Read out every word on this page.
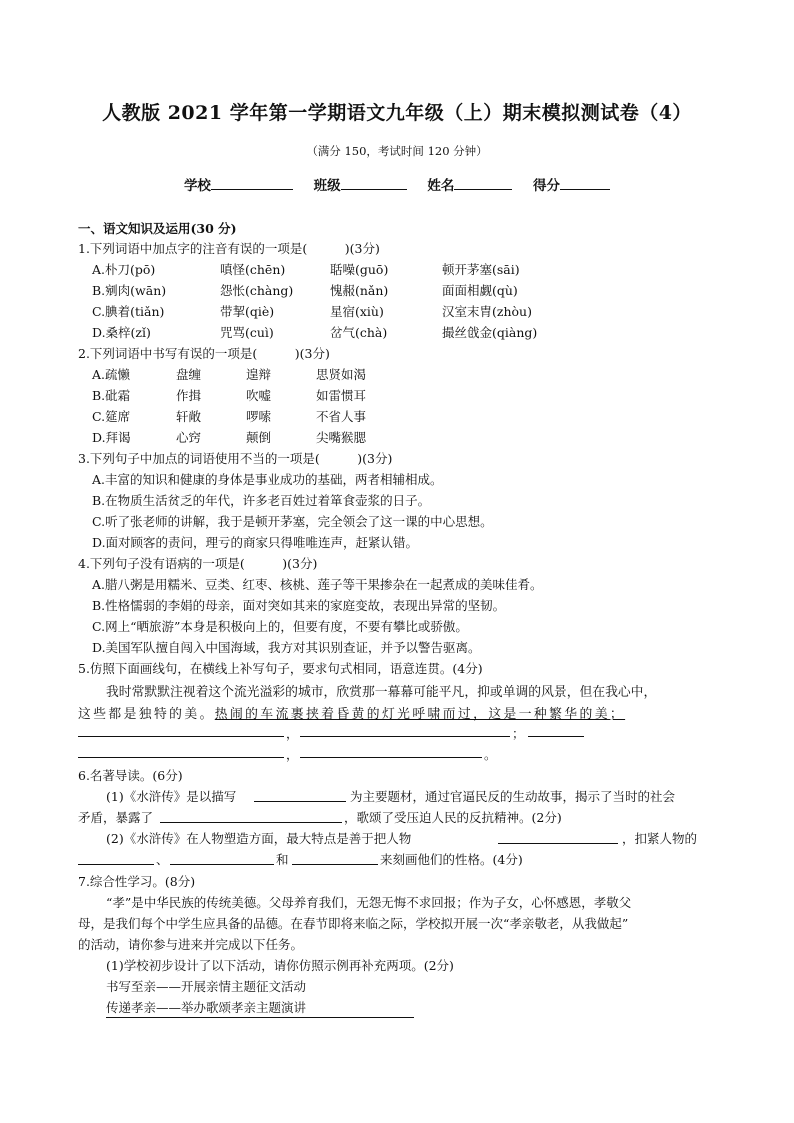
人教版 2021 学年第一学期语文九年级（上）期末模拟测试卷（4）
（满分 150，考试时间 120 分钟）
学校	班级	姓名	得分
一、语文知识及运用(30 分)
1.下列词语中加点字的注音有误的一项是(　　　)(3分)
A.朴刀(pō)	嗔怪(chēn)	聒噪(guō)	顿开茅塞(sāi)
B.剜肉(wān)	怨怅(chàng)	愧赧(nǎn)	面面相觑(qù)
C.腆着(tiǎn)	带挈(qiè)	星宿(xiù)	汉室末胄(zhòu)
D.桑梓(zǐ)	咒骂(cuì)	岔气(chà)	撮丝戗金(qiàng)
2.下列词语中书写有误的一项是(　　　)(3分)
A.疏懒	盘缠	遑辩	思贤如渴
B.砒霜	作揖	吹嘘	如雷惯耳
C.筵席	轩敞	啰嗦	不省人事
D.拜谒	心窍	颠倒	尖嘴猴腮
3.下列句子中加点的词语使用不当的一项是(　　　)(3分)
A.丰富的知识和健康的身体是事业成功的基础，两者相辅相成。
B.在物质生活贫乏的年代，许多老百姓过着箪食壶浆的日子。
C.听了张老师的讲解，我于是顿开茅塞，完全领会了这一课的中心思想。
D.面对顾客的责问，理亏的商家只得唯唯连声，赶紧认错。
4.下列句子没有语病的一项是(　　　)(3分)
A.腊八粥是用糯米、豆类、红枣、核桃、莲子等干果掺杂在一起煮成的美味佳肴。
B.性格懦弱的李娟的母亲，面对突如其来的家庭变故，表现出异常的坚韧。
C.网上“晒旅游”本身是积极向上的，但要有度，不要有攀比或骄傲。
D.美国军队擅自闯入中国海域，我方对其识别查证，并予以警告驱离。
5.仿照下面画线句，在横线上补写句子，要求句式相同，语意连贯。(4分)
我时常默默注视着这个流光溢彩的城市，欣赏那一幕幕可能平凡，抑或单调的风景，但在我心中，
这些都是独特的美。热闹的车流裹挟着昏黄的灯光呼啸而过，这是一种繁华的美；
，	；
，	。
6.名著导读。(6分)
(1)《水浒传》是以描写	为主要题材，通过官逼民反的生动故事，揭示了当时的社会
矛盾，暴露了	，歌颂了受压迫人民的反抗精神。(2分)
(2)《水浒传》在人物塑造方面，最大特点是善于把人物	，扣紧人物的
、	和	来刻画他们的性格。(4分)
7.综合性学习。(8分)
“孝”是中华民族的传统美德。父母养育我们，无怨无悔不求回报；作为子女，心怀感恩，孝敬父
母，是我们每个中学生应具备的品德。在春节即将来临之际，学校拟开展一次“孝亲敬老，从我做起”
的活动，请你参与进来并完成以下任务。
(1)学校初步设计了以下活动，请你仿照示例再补充两项。(2分)
书写至亲——开展亲情主题征文活动
传递孝亲——举办歌颂孝亲主题演讲
